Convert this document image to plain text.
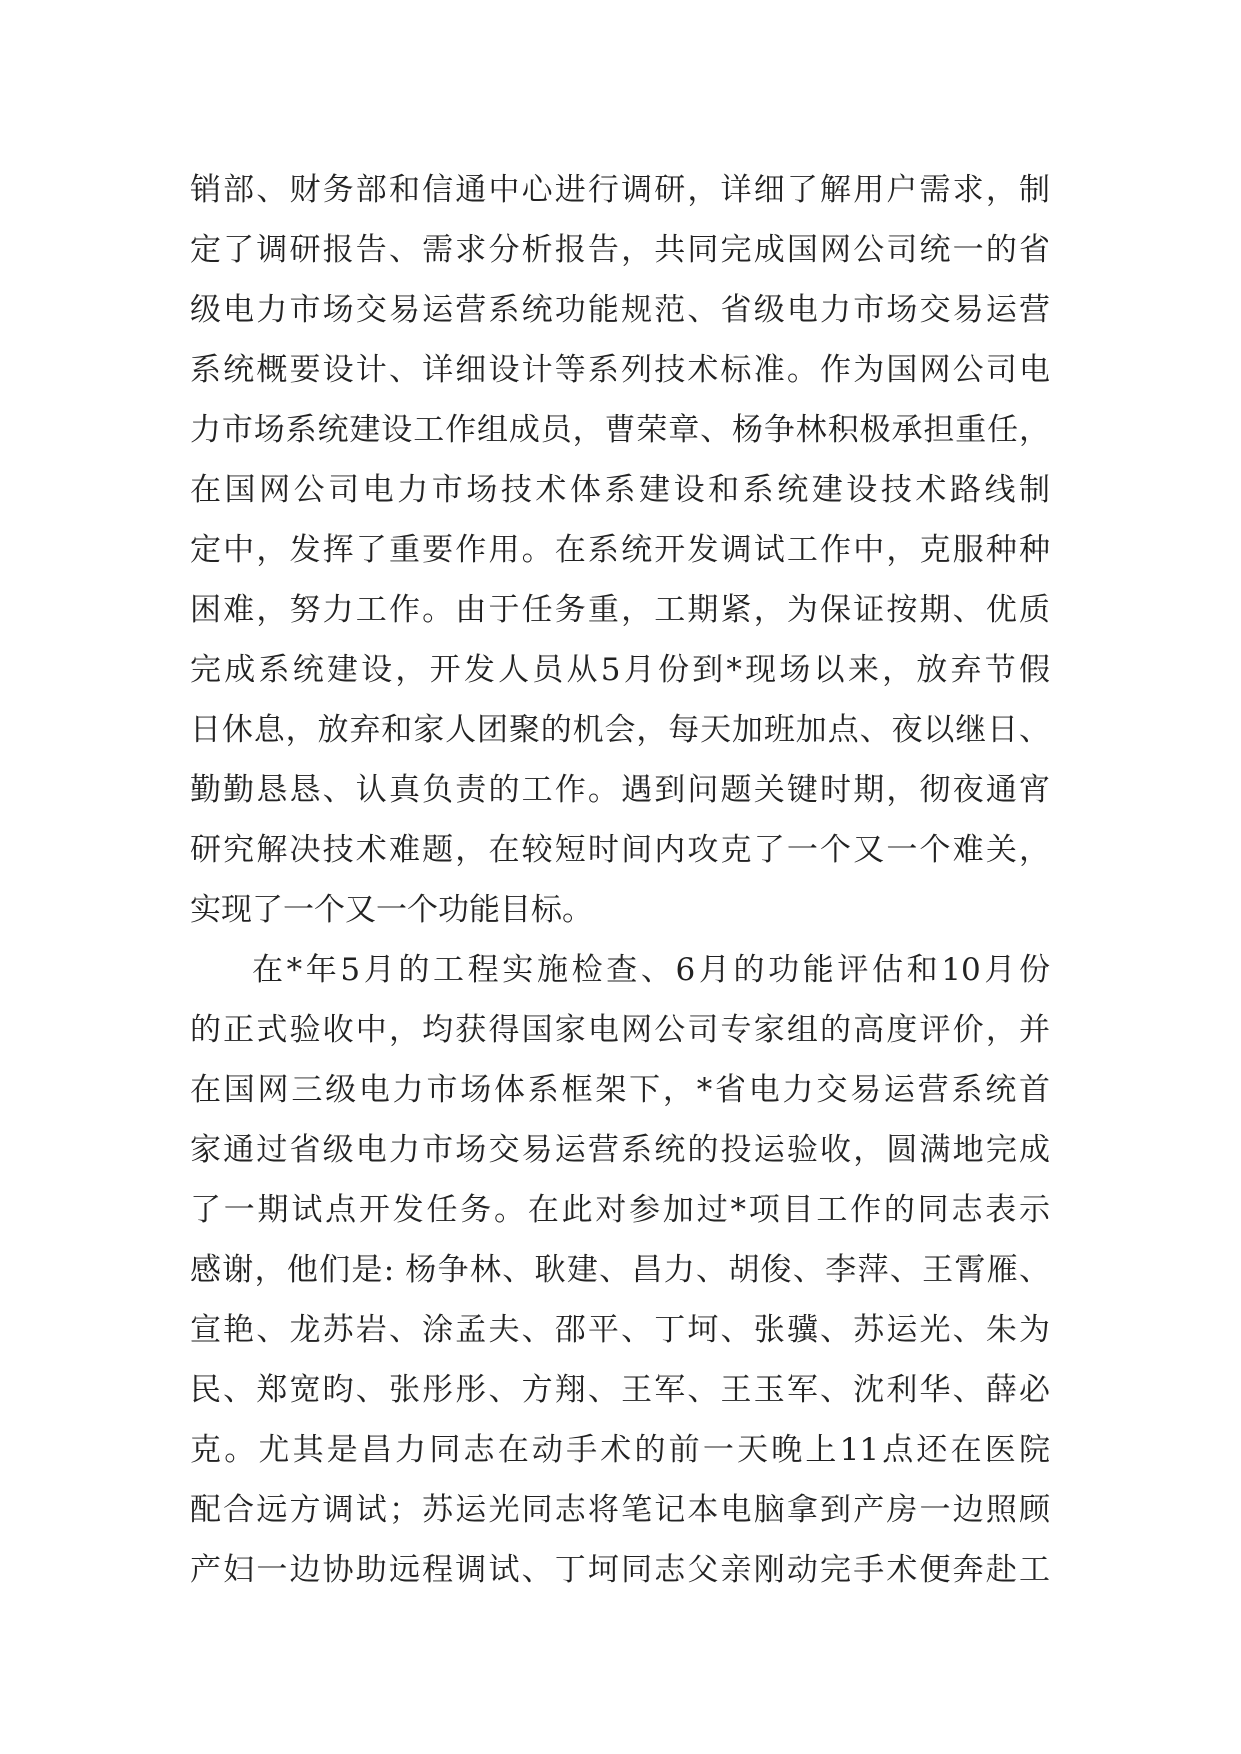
销部、财务部和信通中心进行调研，详细了解用户需求，制
定了调研报告、需求分析报告，共同完成国网公司统一的省
级电力市场交易运营系统功能规范、省级电力市场交易运营
系统概要设计、详细设计等系列技术标准。作为国网公司电
力市场系统建设工作组成员，曹荣章、杨争林积极承担重任，
在国网公司电力市场技术体系建设和系统建设技术路线制
定中，发挥了重要作用。在系统开发调试工作中，克服种种
困难，努力工作。由于任务重，工期紧，为保证按期、优质
完成系统建设，开发人员从5月份到*现场以来，放弃节假
日休息，放弃和家人团聚的机会，每天加班加点、夜以继日、
勤勤恳恳、认真负责的工作。遇到问题关键时期，彻夜通宵
研究解决技术难题，在较短时间内攻克了一个又一个难关，
实现了一个又一个功能目标。
在*年5月的工程实施检查、6月的功能评估和10月份
的正式验收中，均获得国家电网公司专家组的高度评价，并
在国网三级电力市场体系框架下，*省电力交易运营系统首
家通过省级电力市场交易运营系统的投运验收，圆满地完成
了一期试点开发任务。在此对参加过*项目工作的同志表示
感谢，他们是: 杨争林、耿建、昌力、胡俊、李萍、王霄雁、
宣艳、龙苏岩、涂孟夫、邵平、丁坷、张骥、苏运光、朱为
民、郑宽昀、张彤彤、方翔、王军、王玉军、沈利华、薛必
克。尤其是昌力同志在动手术的前一天晚上11点还在医院
配合远方调试；苏运光同志将笔记本电脑拿到产房一边照顾
产妇一边协助远程调试、丁坷同志父亲刚动完手术便奔赴工
